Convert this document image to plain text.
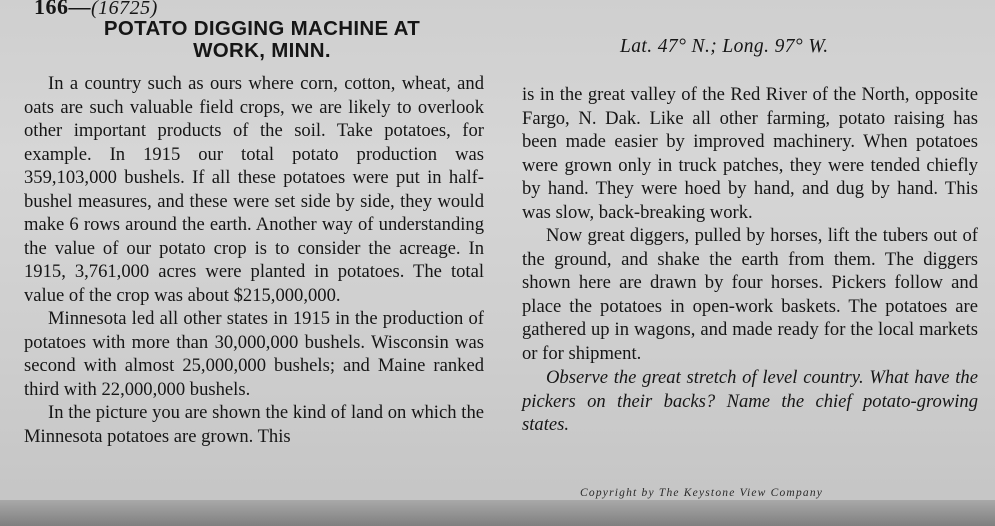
166—(16725)
POTATO DIGGING MACHINE AT
WORK, MINN.	Lat. 47° N.; Long. 97° W.

In a country such as ours where corn, cotton, wheat, and oats are such valuable field crops, we are likely to overlook other important products of the soil. Take potatoes, for example. In 1915 our total potato production was 359,103,000 bushels. If all these potatoes were put in half-bushel measures, and these were set side by side, they would make 6 rows around the earth. Another way of understanding the value of our potato crop is to consider the acreage. In 1915, 3,761,000 acres were planted in potatoes. The total value of the crop was about $215,000,000.

Minnesota led all other states in 1915 in the production of potatoes with more than 30,000,000 bushels. Wisconsin was second with almost 25,000,000 bushels; and Maine ranked third with 22,000,000 bushels.

In the picture you are shown the kind of land on which the Minnesota potatoes are grown. This

is in the great valley of the Red River of the North, opposite Fargo, N. Dak. Like all other farming, potato raising has been made easier by improved machinery. When potatoes were grown only in truck patches, they were tended chiefly by hand. They were hoed by hand, and dug by hand. This was slow, back-breaking work.

Now great diggers, pulled by horses, lift the tubers out of the ground, and shake the earth from them. The diggers shown here are drawn by four horses. Pickers follow and place the potatoes in open-work baskets. The potatoes are gathered up in wagons, and made ready for the local markets or for shipment.

Observe the great stretch of level country. What have the pickers on their backs? Name the chief potato-growing states.

Copyright by The Keystone View Company
